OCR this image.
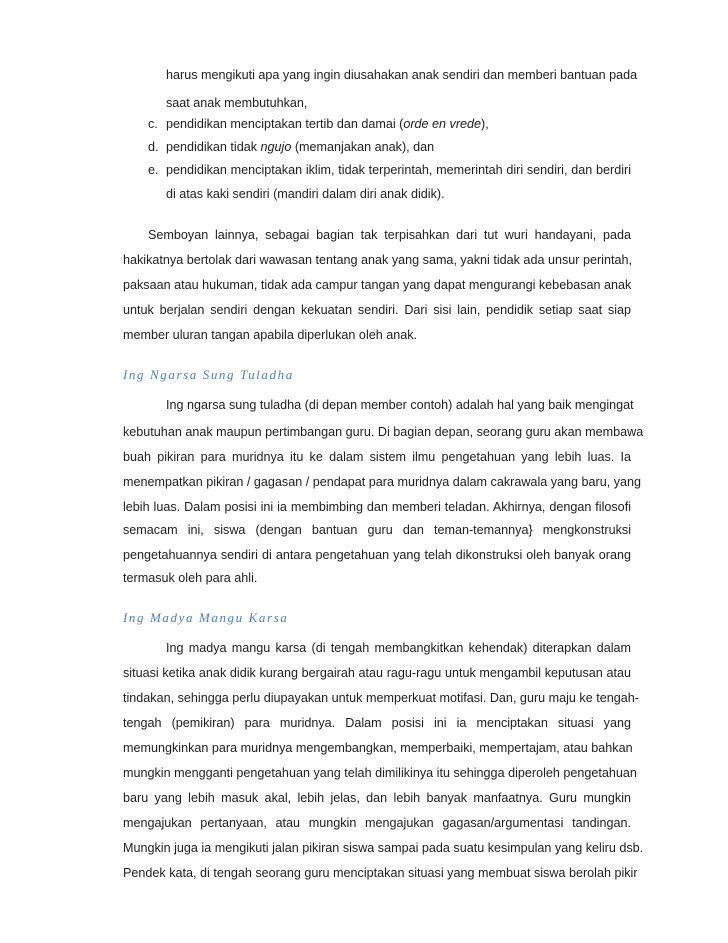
harus mengikuti apa yang ingin diusahakan anak sendiri dan memberi bantuan pada
saat anak membutuhkan,
c. pendidikan menciptakan tertib dan damai (orde en vrede),
d. pendidikan tidak ngujo (memanjakan anak), dan
e. pendidikan menciptakan iklim, tidak terperintah, memerintah diri sendiri, dan berdiri
di atas kaki sendiri (mandiri dalam diri anak didik).
Semboyan lainnya, sebagai bagian tak terpisahkan dari tut wuri handayani, pada
hakikatnya bertolak dari wawasan tentang anak yang sama, yakni tidak ada unsur perintah,
paksaan atau hukuman, tidak ada campur tangan yang dapat mengurangi kebebasan anak
untuk berjalan sendiri dengan kekuatan sendiri. Dari sisi lain, pendidik setiap saat siap
member uluran tangan apabila diperlukan oleh anak.
Ing Ngarsa Sung Tuladha
Ing ngarsa sung tuladha (di depan member contoh) adalah hal yang baik mengingat
kebutuhan anak maupun pertimbangan guru. Di bagian depan, seorang guru akan membawa
buah pikiran para muridnya itu ke dalam sistem ilmu pengetahuan yang lebih luas. Ia
menempatkan pikiran / gagasan / pendapat para muridnya dalam cakrawala yang baru, yang
lebih luas. Dalam posisi ini ia membimbing dan memberi teladan. Akhirnya, dengan filosofi
semacam ini, siswa (dengan bantuan guru dan teman-temannya} mengkonstruksi
pengetahuannya sendiri di antara pengetahuan yang telah dikonstruksi oleh banyak orang
termasuk oleh para ahli.
Ing Madya Mangu Karsa
Ing madya mangu karsa (di tengah membangkitkan kehendak) diterapkan dalam
situasi ketika anak didik kurang bergairah atau ragu-ragu untuk mengambil keputusan atau
tindakan, sehingga perlu diupayakan untuk memperkuat motifasi. Dan, guru maju ke tengah-
tengah (pemikiran) para muridnya. Dalam posisi ini ia menciptakan situasi yang
memungkinkan para muridnya mengembangkan, memperbaiki, mempertajam, atau bahkan
mungkin mengganti pengetahuan yang telah dimilikinya itu sehingga diperoleh pengetahuan
baru yang lebih masuk akal, lebih jelas, dan lebih banyak manfaatnya. Guru mungkin
mengajukan pertanyaan, atau mungkin mengajukan gagasan/argumentasi tandingan.
Mungkin juga ia mengikuti jalan pikiran siswa sampai pada suatu kesimpulan yang keliru dsb.
Pendek kata, di tengah seorang guru menciptakan situasi yang membuat siswa berolah pikir
